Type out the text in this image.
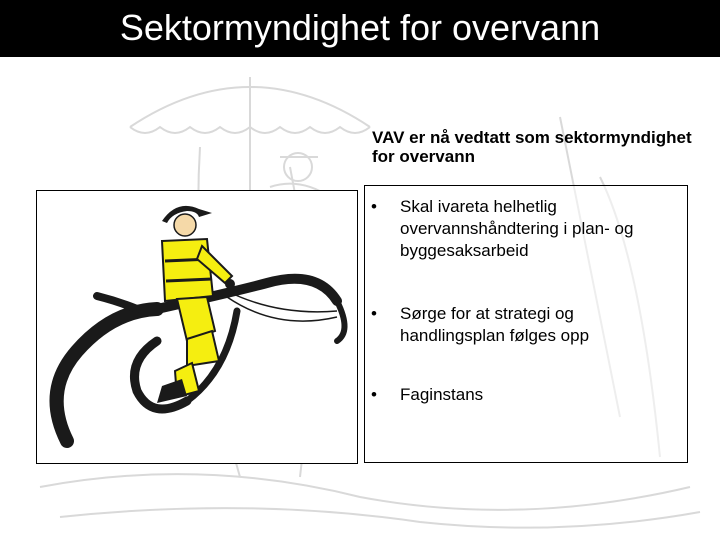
Sektormyndighet for overvann
VAV er nå vedtatt som sektormyndighet for overvann
• Skal ivareta helhetlig overvannshåndtering i plan- og byggesaksarbeid
• Sørge for at strategi og handlingsplan følges opp
• Faginstans
